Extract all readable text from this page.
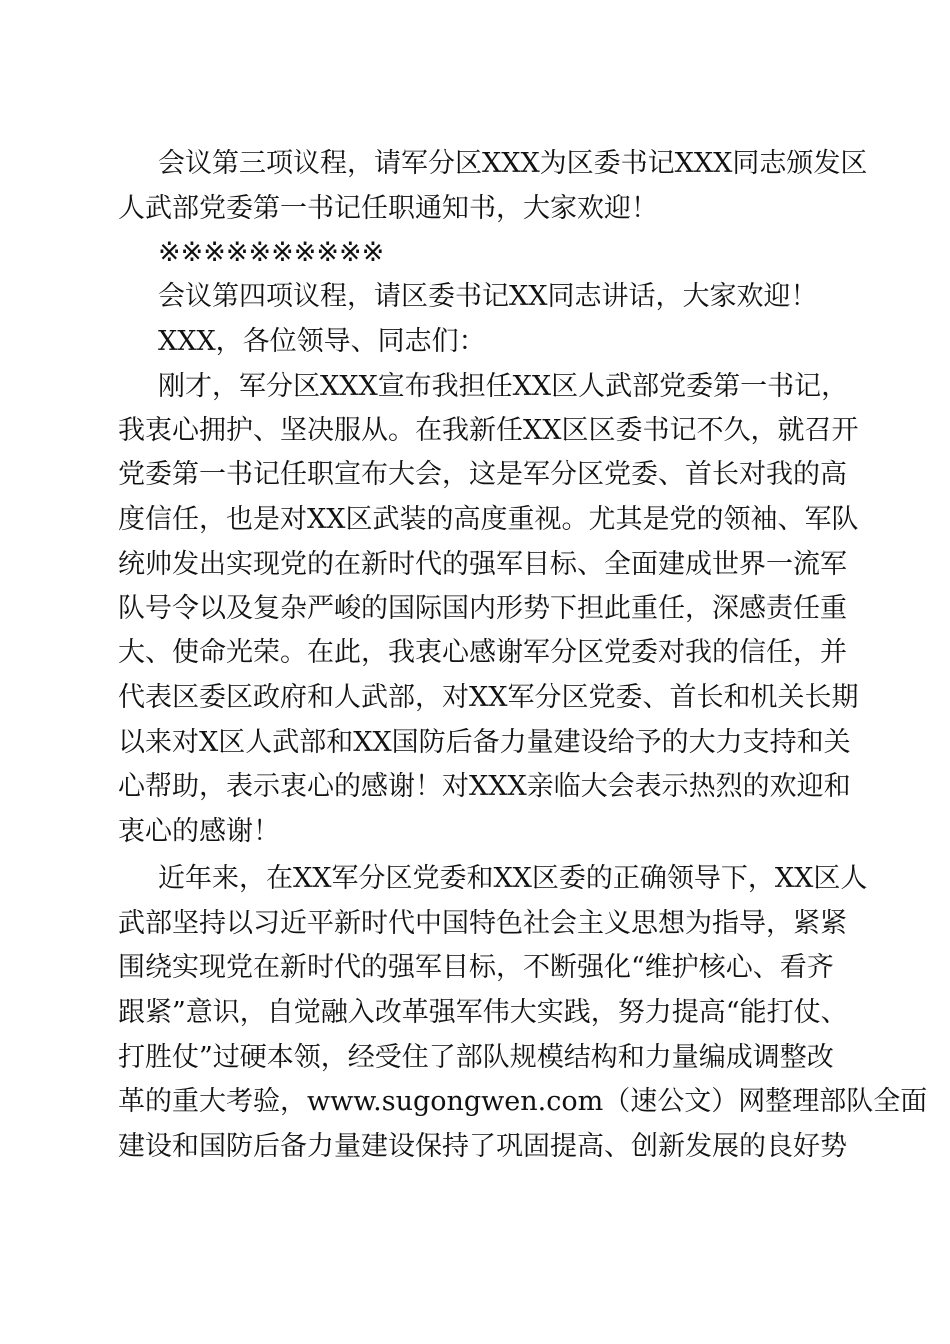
会议第三项议程，请军分区XXX为区委书记XXX同志颁发区
人武部党委第一书记任职通知书，大家欢迎！
※※※※※※※※※※
会议第四项议程，请区委书记XX同志讲话，大家欢迎！
XXX，各位领导、同志们：
刚才，军分区XXX宣布我担任XX区人武部党委第一书记，
我衷心拥护、坚决服从。在我新任XX区区委书记不久，就召开
党委第一书记任职宣布大会，这是军分区党委、首长对我的高
度信任，也是对XX区武装的高度重视。尤其是党的领袖、军队
统帅发出实现党的在新时代的强军目标、全面建成世界一流军
队号令以及复杂严峻的国际国内形势下担此重任，深感责任重
大、使命光荣。在此，我衷心感谢军分区党委对我的信任，并
代表区委区政府和人武部，对XX军分区党委、首长和机关长期
以来对X区人武部和XX国防后备力量建设给予的大力支持和关
心帮助，表示衷心的感谢！对XXX亲临大会表示热烈的欢迎和
衷心的感谢！
近年来，在XX军分区党委和XX区委的正确领导下，XX区人
武部坚持以习近平新时代中国特色社会主义思想为指导，紧紧
围绕实现党在新时代的强军目标，不断强化“维护核心、看齐
跟紧”意识，自觉融入改革强军伟大实践，努力提高“能打仗、
打胜仗”过硬本领，经受住了部队规模结构和力量编成调整改
革的重大考验，www.sugongwen.com（速公文）网整理部队全面
建设和国防后备力量建设保持了巩固提高、创新发展的良好势
